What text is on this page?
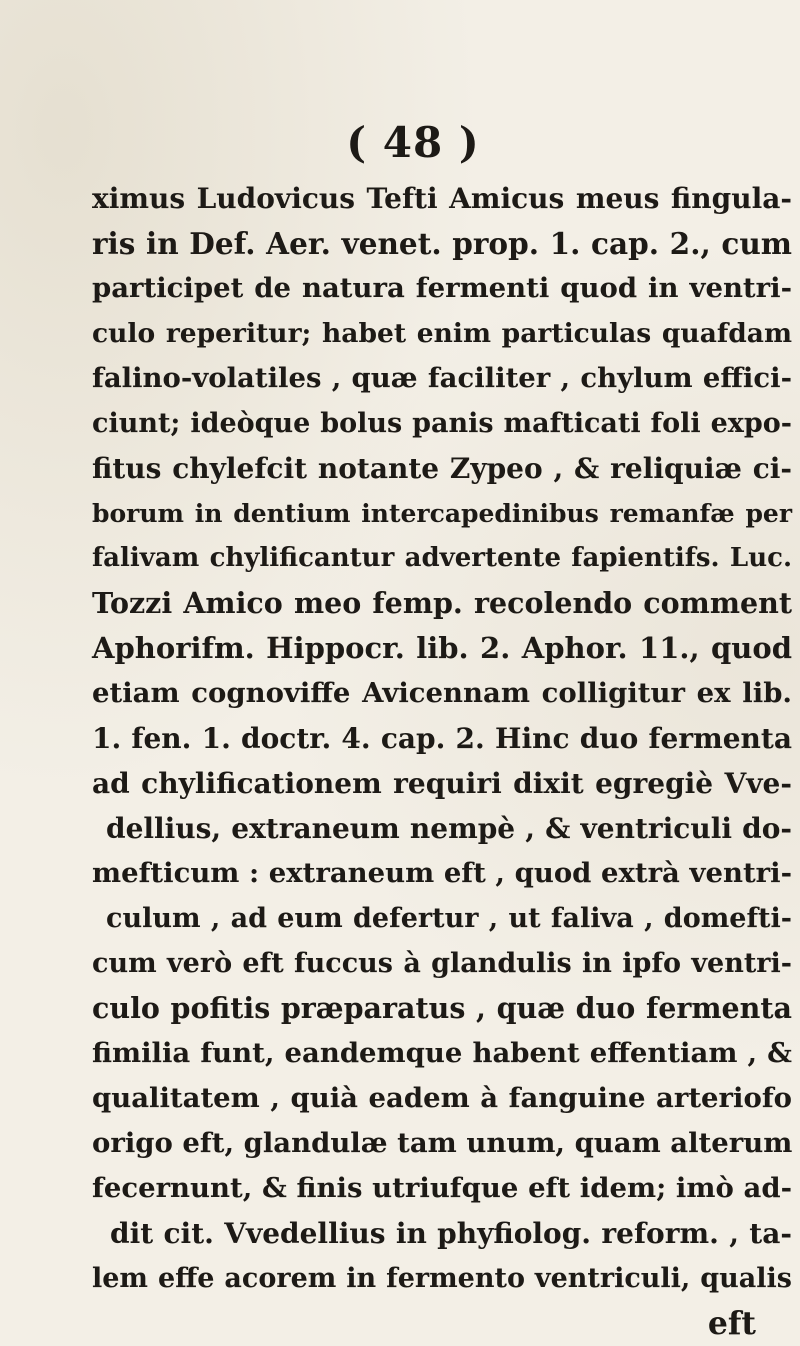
( 48 )
ximus Ludovicus Tefti Amicus meus fingula-
ris in Def. Aer. venet. prop. 1. cap. 2., cum
participet de natura fermenti quod in ventri-
culo reperitur; habet enim particulas quafdam
falino-volatiles , quæ faciliter , chylum effici-
ciunt; ideòque bolus panis mafticati foli expo-
fitus chylefcit notante Zypeo , & reliquiæ ci-
borum in dentium intercapedinibus remanfæ per
falivam chylificantur advertente fapientifs. Luc.
Tozzi Amico meo femp. recolendo comment
Aphorifm. Hippocr. lib. 2. Aphor. 11., quod
etiam cognoviffe Avicennam colligitur ex lib.
1. fen. 1. doctr. 4. cap. 2. Hinc duo fermenta
ad chylificationem requiri dixit egregiè Vve-
dellius, extraneum nempè , & ventriculi do-
mefticum : extraneum eft , quod extrà ventri-
culum , ad eum defertur , ut faliva , domefti-
cum verò eft fuccus à glandulis in ipfo ventri-
culo pofitis præparatus , quæ duo fermenta
fimilia funt, eandemque habent effentiam , &
qualitatem , quià eadem à fanguine arteriofo
origo eft, glandulæ tam unum, quam alterum
fecernunt, & finis utriufque eft idem; imò ad-
dit cit. Vvedellius in phyfiolog. reform. , ta-
lem effe acorem in fermento ventriculi, qualis
eft
